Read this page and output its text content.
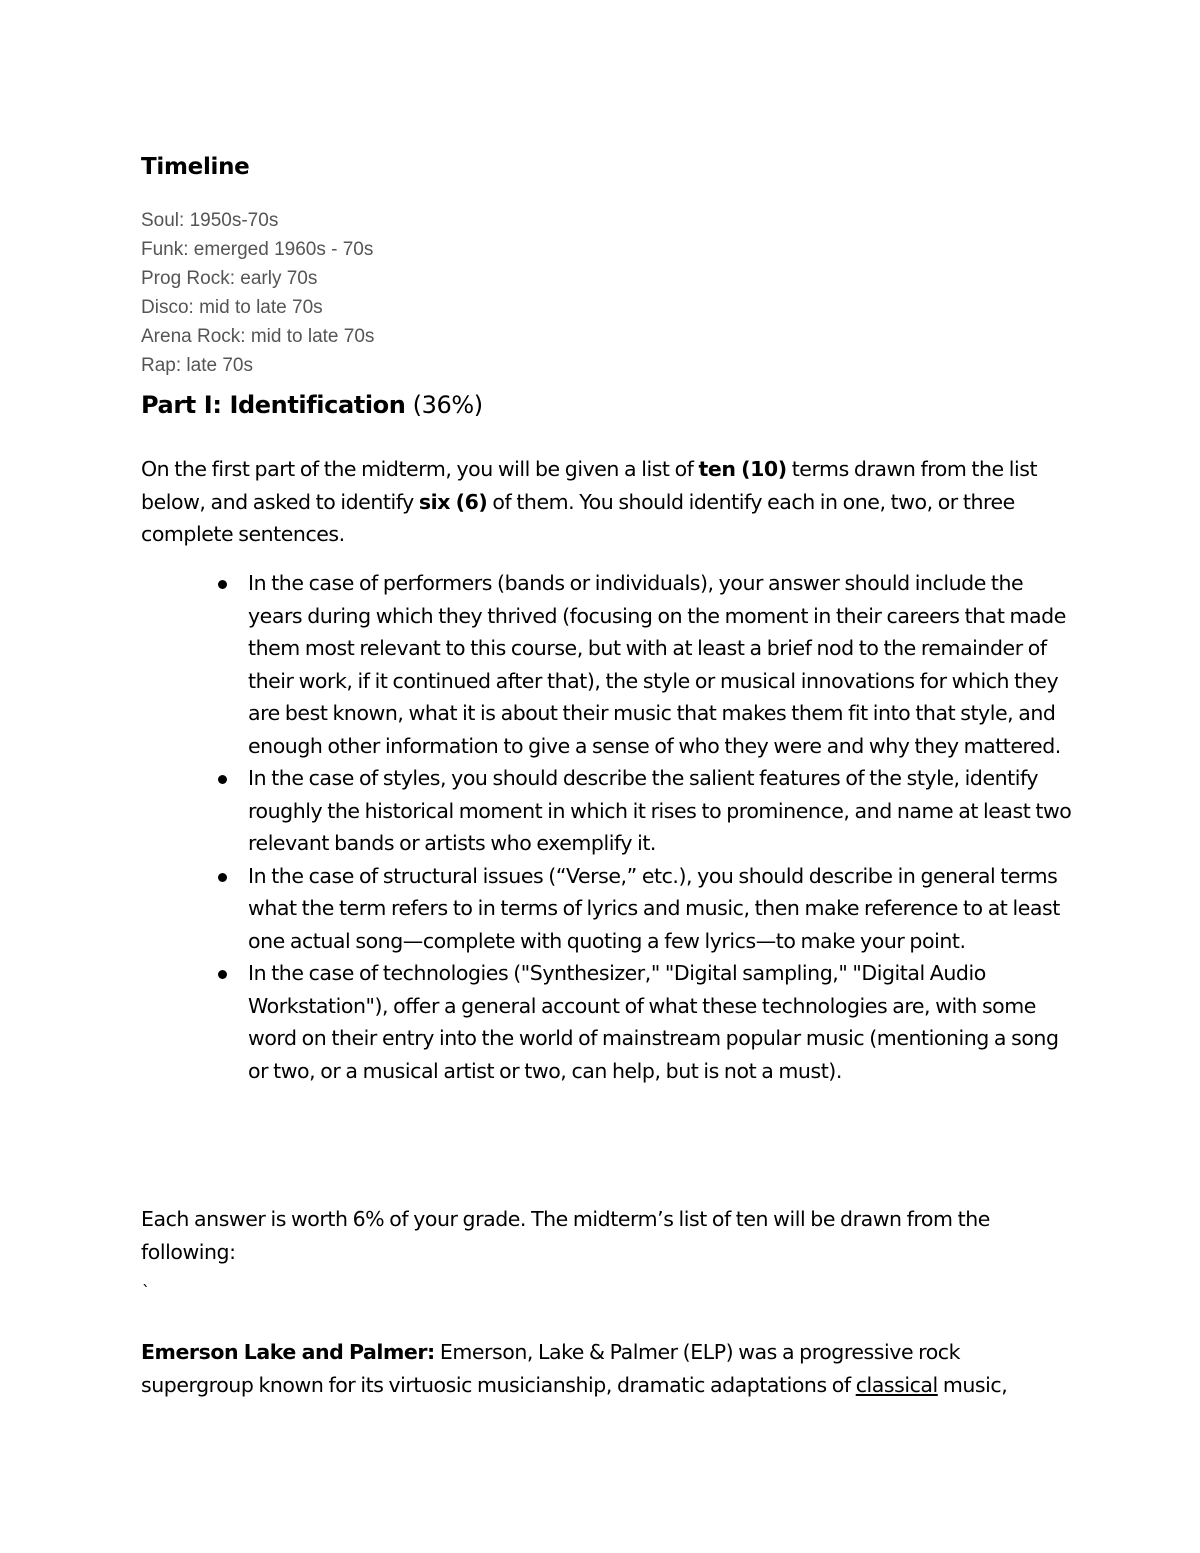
Timeline
Soul: 1950s-70s
Funk: emerged 1960s - 70s
Prog Rock: early 70s
Disco: mid to late 70s
Arena Rock: mid to late 70s
Rap: late 70s
Part I: Identification (36%)

On the first part of the midterm, you will be given a list of ten (10) terms drawn from the list below, and asked to identify six (6) of them. You should identify each in one, two, or three complete sentences.

In the case of performers (bands or individuals), your answer should include the years during which they thrived (focusing on the moment in their careers that made them most relevant to this course, but with at least a brief nod to the remainder of their work, if it continued after that), the style or musical innovations for which they are best known, what it is about their music that makes them fit into that style, and enough other information to give a sense of who they were and why they mattered.
In the case of styles, you should describe the salient features of the style, identify roughly the historical moment in which it rises to prominence, and name at least two relevant bands or artists who exemplify it.
In the case of structural issues (“Verse,” etc.), you should describe in general terms what the term refers to in terms of lyrics and music, then make reference to at least one actual song—complete with quoting a few lyrics—to make your point.
In the case of technologies ("Synthesizer," "Digital sampling," "Digital Audio Workstation"), offer a general account of what these technologies are, with some word on their entry into the world of mainstream popular music (mentioning a song or two, or a musical artist or two, can help, but is not a must).

Each answer is worth 6% of your grade. The midterm’s list of ten will be drawn from the following:

`

Emerson Lake and Palmer: Emerson, Lake & Palmer (ELP) was a progressive rock supergroup known for its virtuosic musicianship, dramatic adaptations of classical music,
